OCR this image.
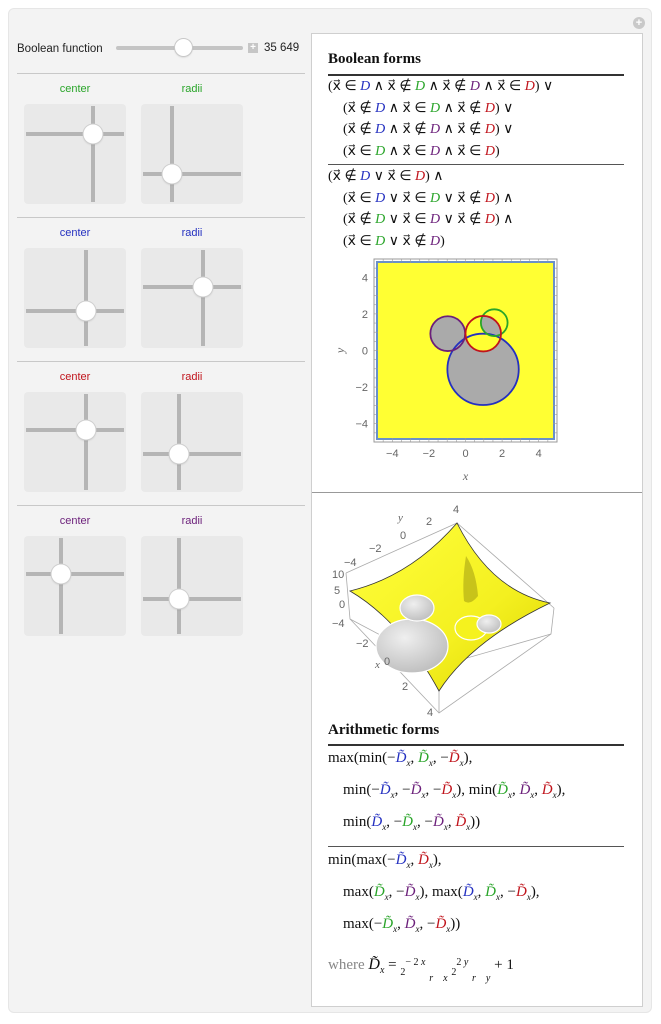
+
Boolean function	+ 35 649
center	radii
center	radii
center	radii
center	radii
Boolean forms
(x⃗ ∈ D ∧ x⃗ ∉ D ∧ x⃗ ∉ D ∧ x⃗ ∈ D) ∨
(x⃗ ∉ D ∧ x⃗ ∈ D ∧ x⃗ ∉ D) ∨
(x⃗ ∉ D ∧ x⃗ ∉ D ∧ x⃗ ∉ D) ∨
(x⃗ ∈ D ∧ x⃗ ∈ D ∧ x⃗ ∈ D)
(x⃗ ∉ D ∨ x⃗ ∈ D) ∧
(x⃗ ∈ D ∨ x⃗ ∈ D ∨ x⃗ ∉ D) ∧
(x⃗ ∉ D ∨ x⃗ ∈ D ∨ x⃗ ∉ D) ∧
(x⃗ ∈ D ∨ x⃗ ∉ D)
−4 −2 0	2	4
−4
−2
0
2
4
x
y
y
4
2
0
−2
−4
10
5
0
−4
−2
x 0
2
4
Arithmetic forms
$\max(\min(-D̃_x$, $D̃_x$, $-D̃_x$),
$\min(-D̃_x$, $-D̃_x$, $-D̃_x$), $\min(D̃_x$, $D̃_x$, $D̃_x$),
$\min(D̃_x$, $-D̃_x$, $-D̃_x$, $D̃_x$))
$\min(\max(-D̃_x$, $D̃_x$),
$\max(D̃_x$, $-D̃_x$), $\max(D̃_x$, $D̃_x$, $-D̃_x$),
$\max(-D̃_x$, $D̃_x$, $-D̃_x$))
where $D̃_x = _2^{- 2 x}$ r    x $_2^{2 y}$ r    y + 1
